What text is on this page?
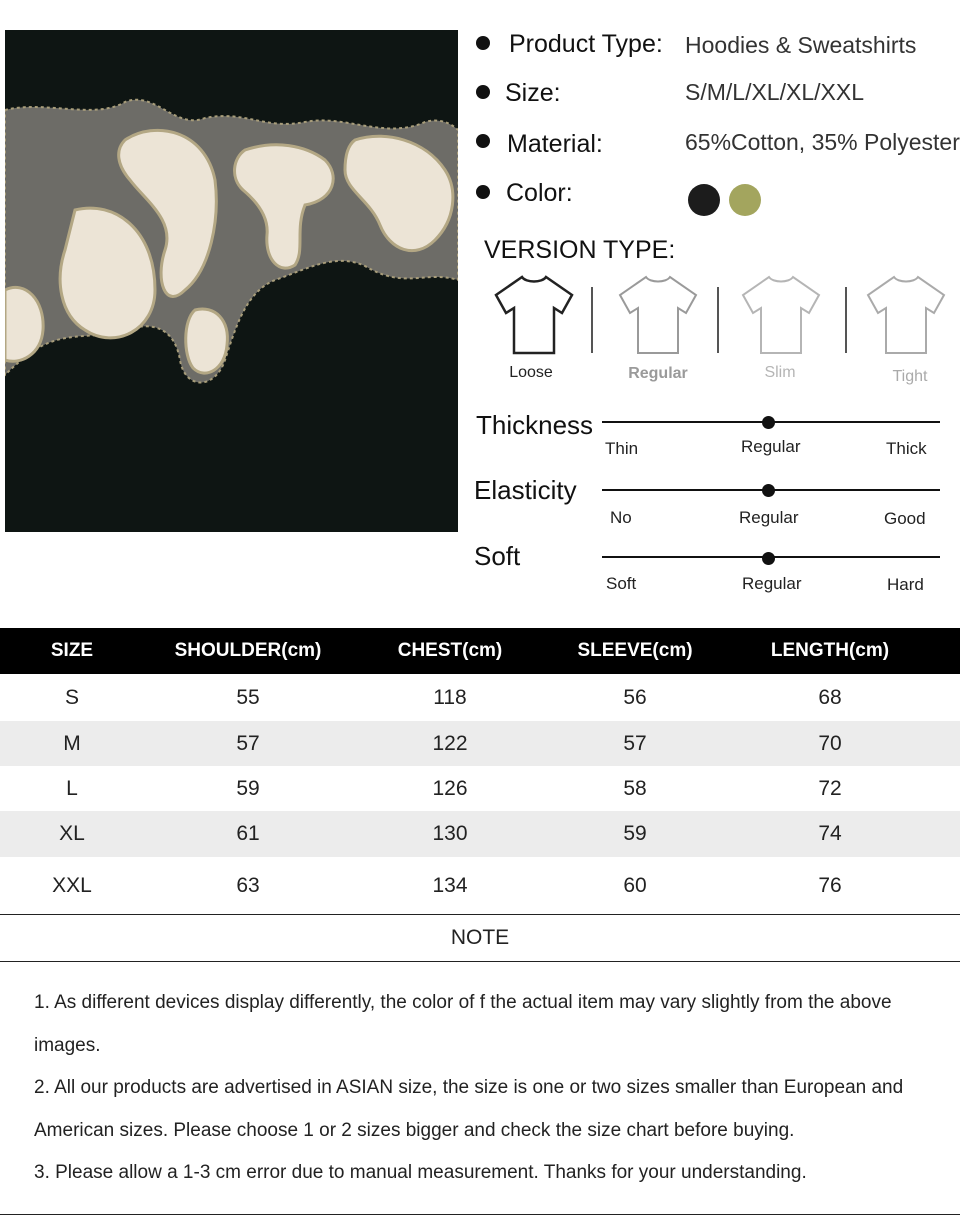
Product Type: Hoodies & Sweatshirts
Size:	S/M/L/XL/XL/XXL
Material:	65%Cotton, 35% Polyester
Color:
VERSION TYPE:
Loose	Regular	Slim	Tight
Thickness
Thin	Regular	Thick
Elasticity
No	Regular	Good
Soft
Soft	Regular	Hard
SIZE	SHOULDER(cm)	CHEST(cm)	SLEEVE(cm)	LENGTH(cm)
S	55	118	56	68
M	57	122	57	70
L	59	126	58	72
XL	61	130	59	74
XXL	63	134	60	76
NOTE

1. As different devices display differently, the color of f the actual item may vary slightly from the above

images.

2. All our products are advertised in ASIAN size, the size is one or two sizes smaller than European and

American sizes. Please choose 1 or 2 sizes bigger and check the size chart before buying.

3. Please allow a 1-3 cm error due to manual measurement. Thanks for your understanding.
